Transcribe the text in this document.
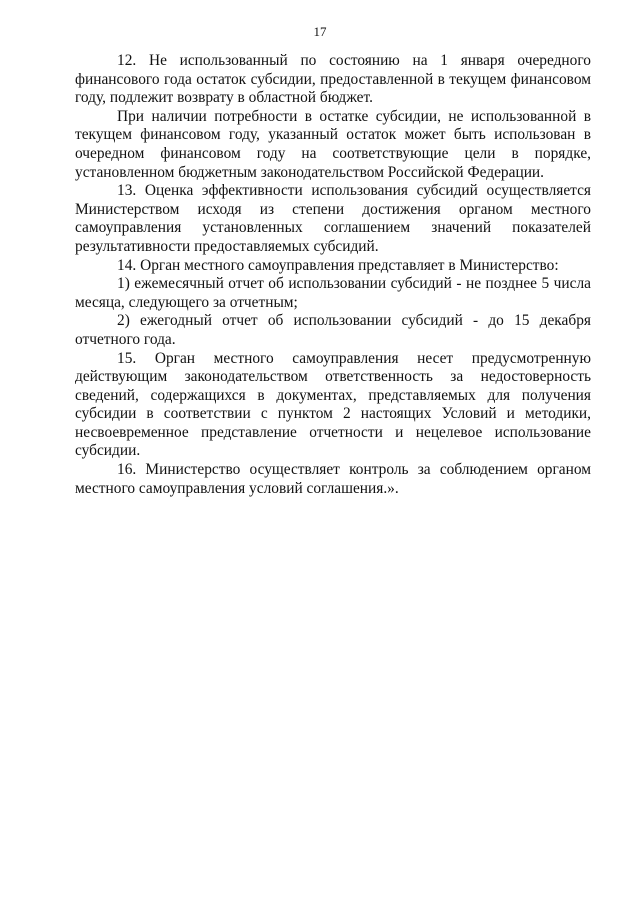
17

12. Не использованный по состоянию на 1 января очередного финансового года остаток субсидии, предоставленной в текущем финансовом году, подлежит возврату в областной бюджет.

При наличии потребности в остатке субсидии, не использованной в текущем финансовом году, указанный остаток может быть использован в очередном финансовом году на соответствующие цели в порядке, установленном бюджетным законодательством Российской Федерации.

13. Оценка эффективности использования субсидий осуществляется Министерством исходя из степени достижения органом местного самоуправления установленных соглашением значений показателей результативности предоставляемых субсидий.

14. Орган местного самоуправления представляет в Министерство:

1) ежемесячный отчет об использовании субсидий - не позднее 5 числа месяца, следующего за отчетным;

2) ежегодный отчет об использовании субсидий - до 15 декабря отчетного года.

15. Орган местного самоуправления несет предусмотренную действующим законодательством ответственность за недостоверность сведений, содержащихся в документах, представляемых для получения субсидии в соответствии с пунктом 2 настоящих Условий и методики, несвоевременное представление отчетности и нецелевое использование субсидии.

16. Министерство осуществляет контроль за соблюдением органом местного самоуправления условий соглашения.».
